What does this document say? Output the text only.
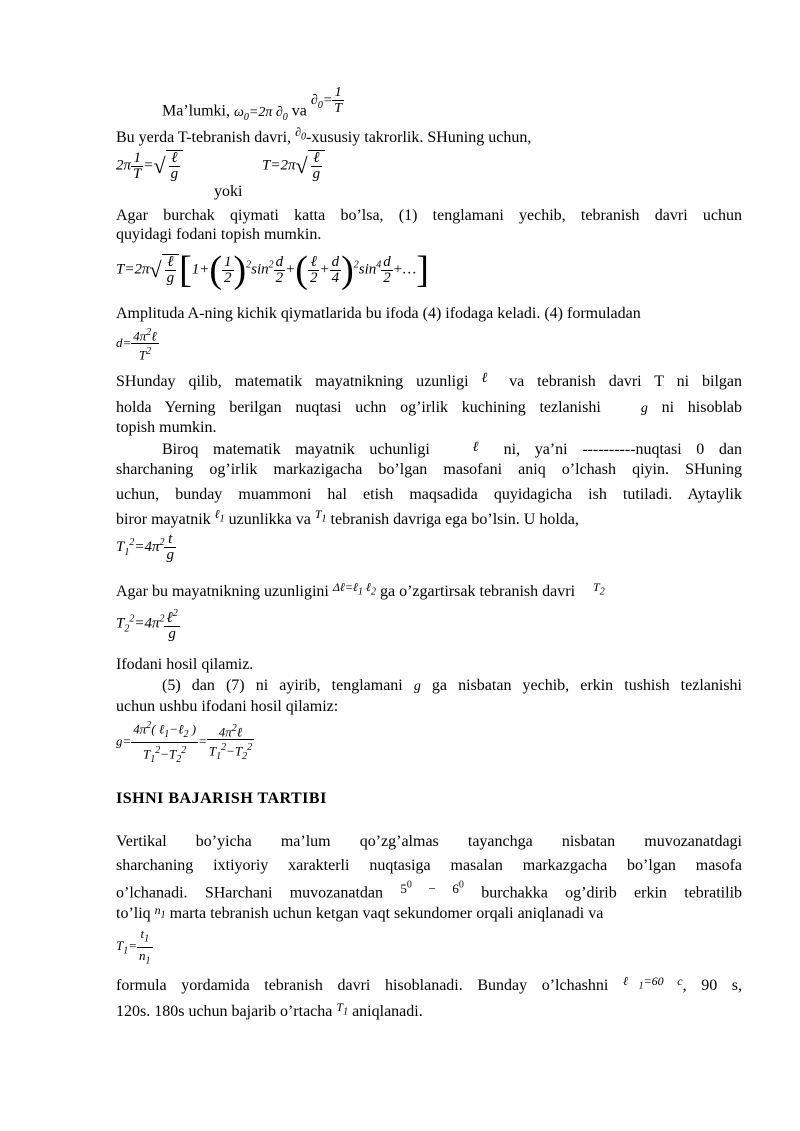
Ma’lumki, $\omega_0=2\pi$ $\partial_0$ va $\partial_0= \frac{1}{T}$
Bu yerda T-tebranish davri, $^{\partial_0}$-xususiy takrorlik. SHuning uchun,
$2\pi \frac{1}{T}$ =√ $\frac{\text{ℓ}}{g}$
yoki
$T=2\pi√ \frac{\text{ℓ}}{g}$
Agar burchak qiymati katta bo’lsa, (1) tenglamani yechib, tebranish davri uchun
quyidagi fodani topish mumkin.
$T=2\pi√ \frac{\text{ℓ}}{g} [1+( \frac{1}{2} )^2\sin^2 \frac{d}{2}$ +( $\frac{\text{ℓ}}{2} + \frac{d}{4} )^2\sin^4 \frac{d}{2}$ +…]
Amplituda A-ning kichik qiymatlarida bu ifoda (4) ifodaga keladi. (4) formuladan
$d= \frac{4\pi^2\ell}{T^2}$
SHunday qilib, matematik mayatnikning uzunligi ℓ va tebranish davri T ni bilgan
holda Yerning berilgan nuqtasi uchn og’irlik kuchining tezlanishi   g ni hisoblab
topish mumkin.
Biroq matematik mayatnik uchunligi   ℓ ni, ya’ni ----------nuqtasi 0 dan
sharchaning og’irlik markazigacha bo’lgan masofani aniq o’lchash qiyin. SHuning
uchun, bunday muammoni hal etish maqsadida quyidagicha ish tutiladi. Aytaylik
biror mayatnik $^{\ell_1}$ uzunlikka va $^{T_1}$ tebranish davriga ega bo’lsin. U holda,
$T_1^2=4\pi^2 \frac{t}{g}$
Agar bu mayatnikning uzunligini $^{\Delta\ell=\ell_1 \ell_2}$ ga o’zgartirsak tebranish davri $^{T_2}$
$T_2^2=4\pi^2 \frac{\ell^2}{g}$
Ifodani hosil qilamiz.
(5) dan (7) ni ayirib, tenglamani g ga nisbatan yechib, erkin tushish tezlanishi
uchun ushbu ifodani hosil qilamiz:
$g= \frac{4\pi^2( \ell_1-\ell_2 )}{T_1^2-T_2^2} = \frac{4\pi^2\ell}{T_1^2-T_2^2}$
ISHNI BAJARISH TARTIBI
Vertikal bo’yicha ma’lum qo’zg’almas tayanchga nisbatan muvozanatdagi
sharchaning ixtiyoriy xarakterli nuqtasiga masalan markazgacha bo’lgan masofa
o’lchanadi. SHarchani muvozanatdan $^{5^0 - 6^0}$ burchakka og’dirib erkin tebratilib
to’liq $^{n_1}$ marta tebranish uchun ketgan vaqt sekundomer orqali aniqlanadi va
$T_1= \frac{t_1}{n_1}$
formula yordamida tebranish davri hisoblanadi. Bunday o’lchashni $^{\ell_1=60 c}$, 90 s,
120s. 180s uchun bajarib o’rtacha $^{T_1}$ aniqlanadi.
